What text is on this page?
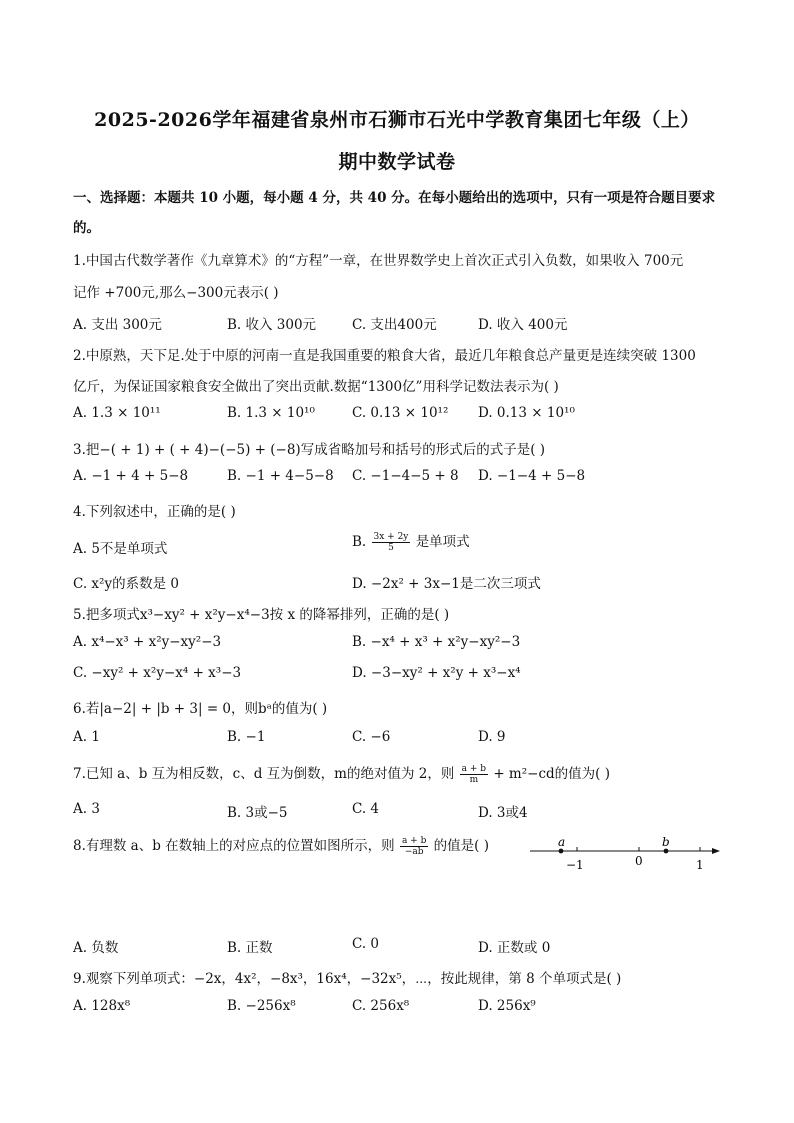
2025-2026学年福建省泉州市石狮市石光中学教育集团七年级（上）
期中数学试卷
一、选择题：本题共 10 小题，每小题 4 分，共 40 分。在每小题给出的选项中，只有一项是符合题目要求
的。
1.中国古代数学著作《九章算术》的“方程”一章，在世界数学史上首次正式引入负数，如果收入 700元
记作 +700元,那么−300元表示( )
A. 支出 300元	B. 收入 300元	C. 支出400元	D. 收入 400元
2.中原熟，天下足.处于中原的河南一直是我国重要的粮食大省，最近几年粮食总产量更是连续突破 1300
亿斤，为保证国家粮食安全做出了突出贡献.数据“1300亿”用科学记数法表示为( )
A. 1.3 × 10¹¹	B. 1.3 × 10¹⁰	C. 0.13 × 10¹² D. 0.13 × 10¹⁰
3.把−( + 1) + ( + 4)−(−5) + (−8)写成省略加号和括号的形式后的式子是( )
A. −1 + 4 + 5−8	B. −1 + 4−5−8 C. −1−4−5 + 8 D. −1−4 + 5−8
4.下列叙述中，正确的是( )
A. 5不是单项式	B. $\frac{3x + 2y}{5}$ 是单项式
C. x²y的系数是 0	D. −2x² + 3x−1是二次三项式
5.把多项式x³−xy² + x²y−x⁴−3按 x 的降幂排列，正确的是( )
A. x⁴−x³ + x²y−xy²−3	B. −x⁴ + x³ + x²y−xy²−3
C. −xy² + x²y−x⁴ + x³−3	D. −3−xy² + x²y + x³−x⁴
6.若|a−2| + |b + 3| = 0，则bᵃ的值为( )
A. 1	B. −1	C. −6	D. 9
7.已知 a、b 互为相反数，c、d 互为倒数，m的绝对值为 2，则 $\frac{a + b}{m} + m^2-cd$的值为( )
A. 3	B. 3或−5	C. 4	D. 3或4
8.有理数 a、b 在数轴上的对应点的位置如图所示，则 $\frac{a + b}{-ab}$ 的值是( )	a	b
−1	0	1
A. 负数	B. 正数	C. 0	D. 正数或 0
9.观察下列单项式：−2x，4x²，−8x³，16x⁴，−32x⁵，⋯，按此规律，第 8 个单项式是( )
A. 128x⁸	B. −256x⁸	C. 256x⁸	D. 256x⁹
